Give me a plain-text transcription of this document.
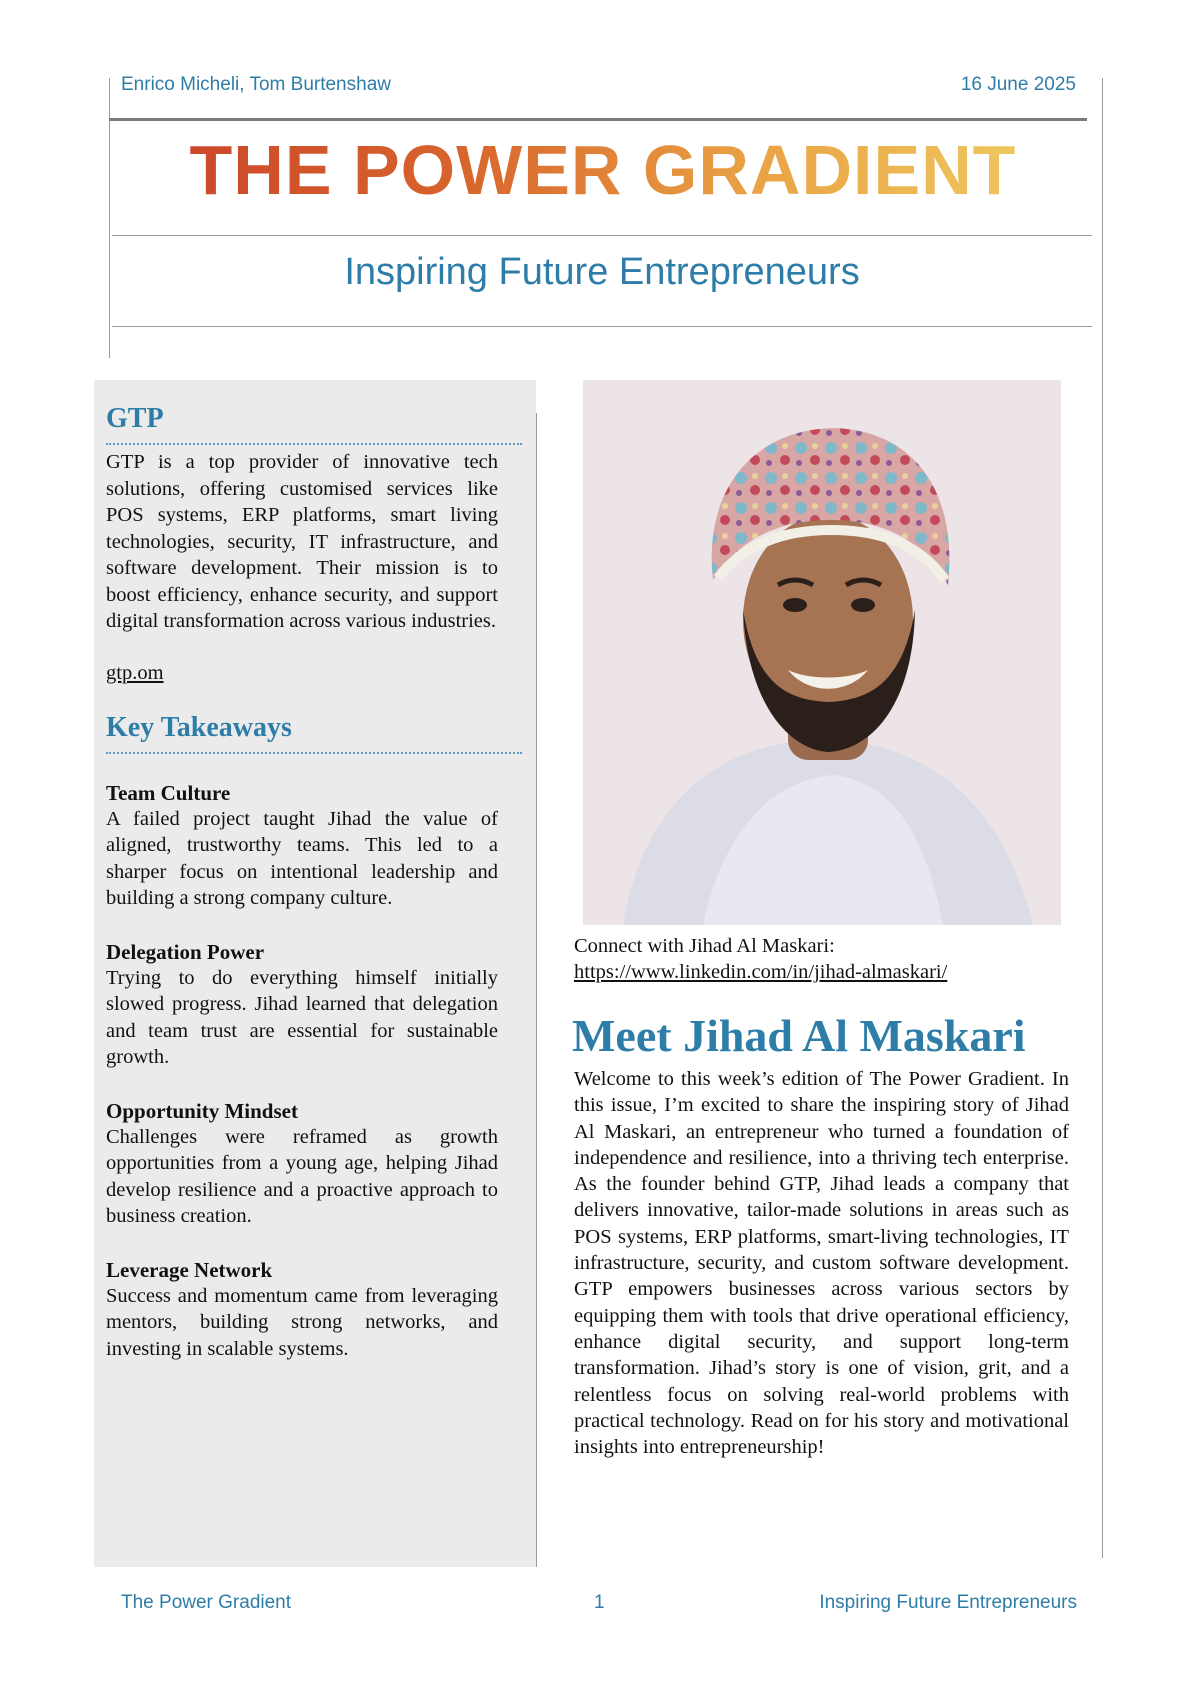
Enrico Micheli, Tom Burtenshaw	16 June 2025
THE POWER GRADIENT
Inspiring Future Entrepreneurs
GTP

GTP is a top provider of innovative tech solutions, offering customised services like POS systems, ERP platforms, smart living technologies, security, IT infrastructure, and software development. Their mission is to boost efficiency, enhance security, and support digital transformation across various industries.

gtp.om
Key Takeaways
Team Culture

A failed project taught Jihad the value of aligned, trustworthy teams. This led to a sharper focus on intentional leadership and building a strong company culture.

Delegation Power

Trying to do everything himself initially slowed progress. Jihad learned that delegation and team trust are essential for sustainable growth.

Opportunity Mindset

Challenges were reframed as growth opportunities from a young age, helping Jihad develop resilience and a proactive approach to business creation.

Leverage Network

Success and momentum came from leveraging mentors, building strong networks, and investing in scalable systems.

Connect with Jihad Al Maskari:
https://www.linkedin.com/in/jihad-almaskari/
Meet Jihad Al Maskari

Welcome to this week’s edition of The Power Gradient. In this issue, I’m excited to share the inspiring story of Jihad Al Maskari, an entrepreneur who turned a foundation of independence and resilience, into a thriving tech enterprise. As the founder behind GTP, Jihad leads a company that delivers innovative, tailor-made solutions in areas such as POS systems, ERP platforms, smart-living technologies, IT infrastructure, security, and custom software development. GTP empowers businesses across various sectors by equipping them with tools that drive operational efficiency, enhance digital security, and support long-term transformation. Jihad’s story is one of vision, grit, and a relentless focus on solving real-world problems with practical technology. Read on for his story and motivational insights into entrepreneurship!

The Power Gradient	1	Inspiring Future Entrepreneurs
